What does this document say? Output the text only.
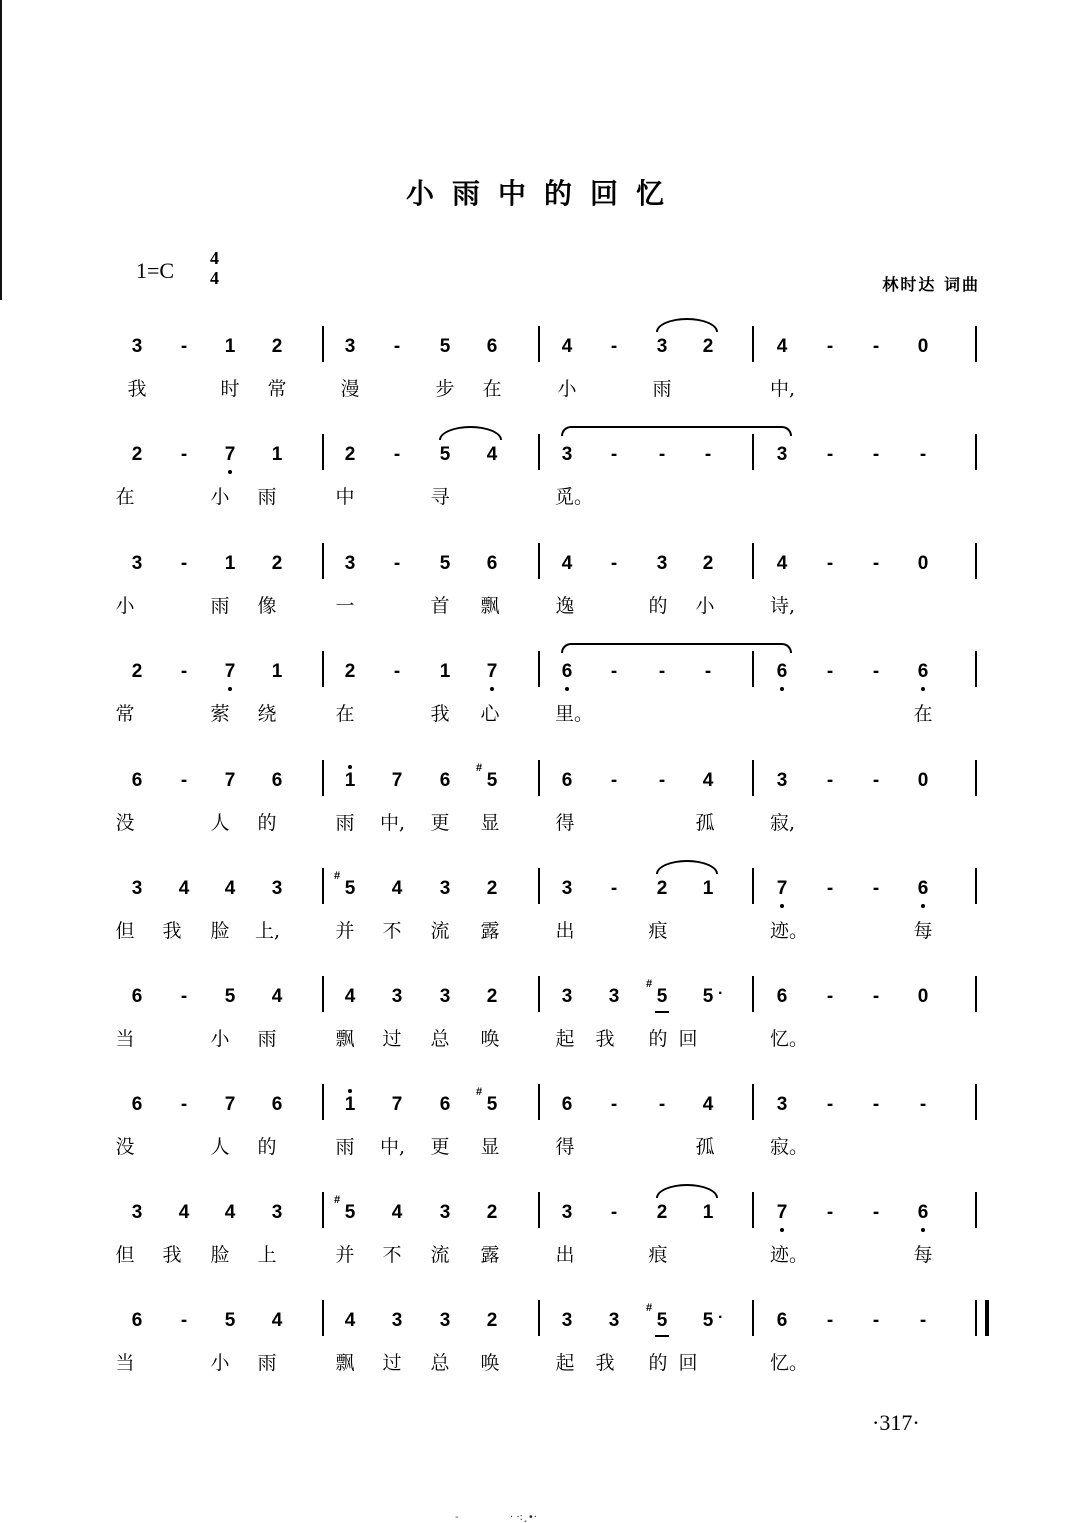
小雨中的回忆
1=C 4
4	林时达 词曲
3	-	1	2	3	-	5	6	4	-	3	2	4	-	-	0
我	时 常	漫	步 在	小	雨	中,
2	-	7	1	2	-	5	4	3	-	-	-	3	-	-	-
在	小 雨	中	寻	觅。
3	-	1	2	3	-	5	6	4	-	3	2	4	-	-	0
小	雨 像	一	首 飘	逸	的 小	诗,
2	-	7	1	2	-	1	7	6	-	-	-	6	-	-	6
常	萦 绕	在	我 心	里。	在
6	-	7	6	1	7	6	5
#
6	-	-	4	3	-	-	0
没	人 的	雨 中, 更 显	得	孤	寂,
3	4	4	3	5
#
4	3	2	3	-	2	1	7	-	-	6
但 我 脸 上,	并 不 流 露	出	痕	迹。	每
6	-	5	4	4	3	3	2	3	3	5
#
5 ·	6	-	-	0
当	小 雨	飘 过 总 唤	起 我 的 回	忆。
6	-	7	6	1	7	6	5
#
6	-	-	4	3	-	-	-
没	人 的	雨 中, 更 显	得	孤	寂。
3	4	4	3	5
#
4	3	2	3	-	2	1	7	-	-	6
但 我 脸 上	并 不 流 露	出	痕	迹。	每
6	-	5	4	4	3	3	2	3	3	5
#
5 ·	6	-	-	-
当	小 雨	飘 过 总 唤	起 我 的 回	忆。
·317·
-	· ·:¸•·
